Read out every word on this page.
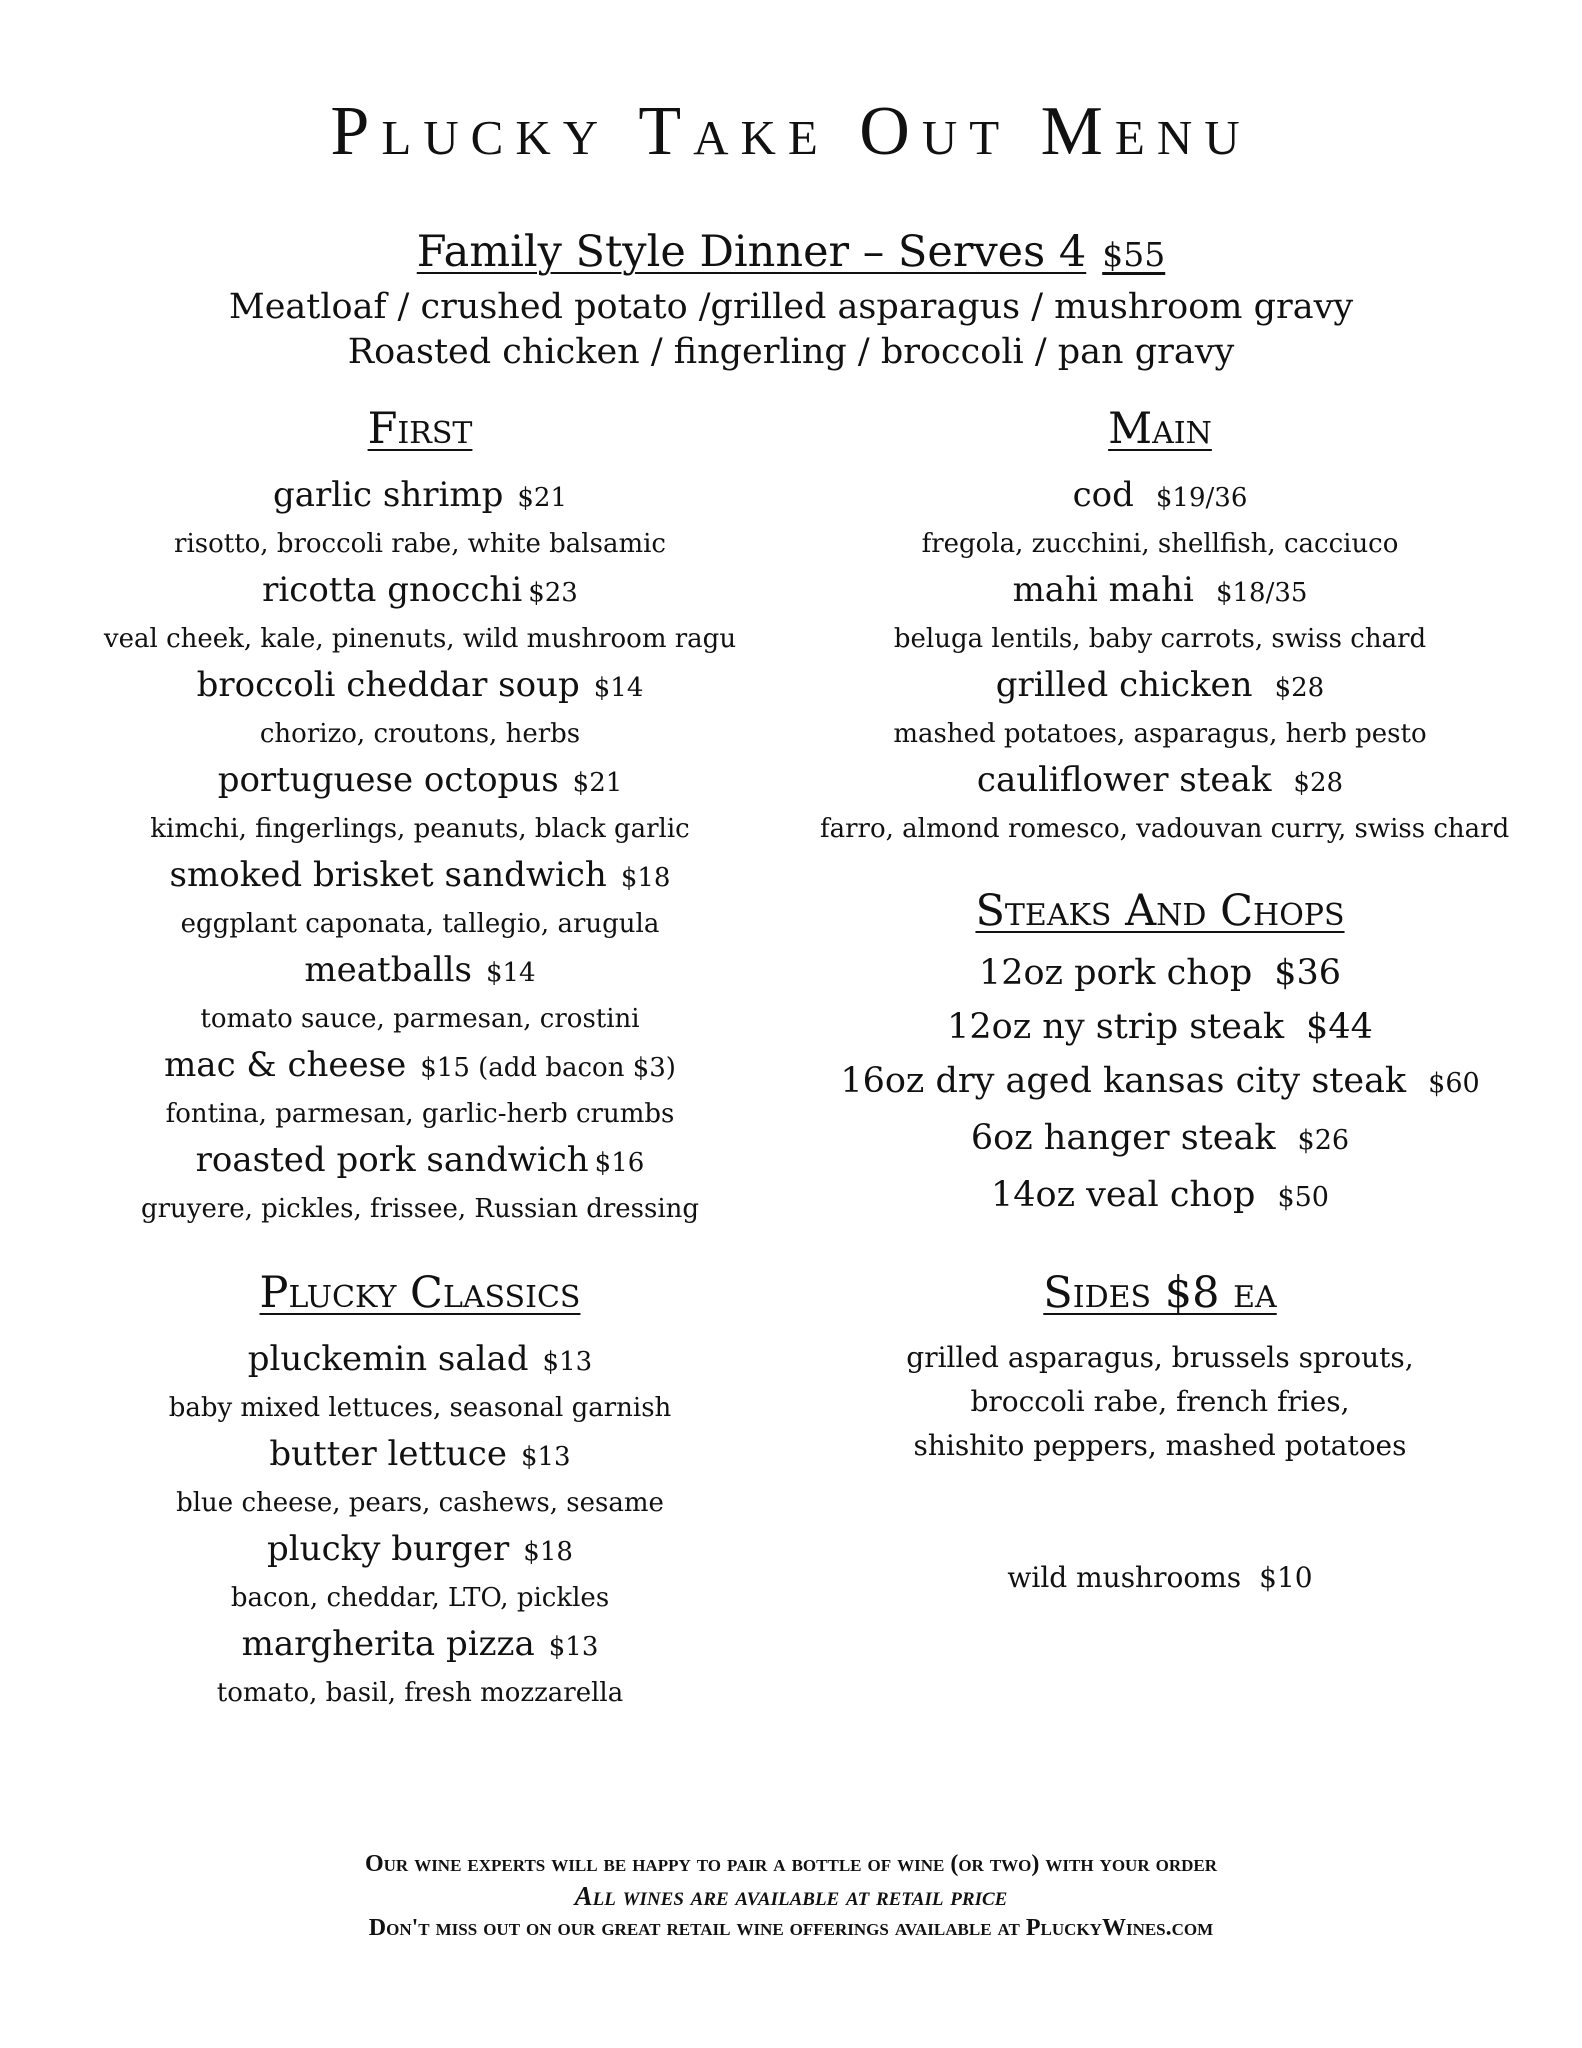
Plucky Take Out Menu
Family Style Dinner – Serves 4 $55
Meatloaf / crushed potato /grilled asparagus / mushroom gravy
Roasted chicken / fingerling / broccoli / pan gravy
First
garlic shrimp $21
risotto, broccoli rabe, white balsamic
ricotta gnocchi $23
veal cheek, kale, pinenuts, wild mushroom ragu
broccoli cheddar soup $14
chorizo, croutons, herbs
portuguese octopus $21
kimchi, fingerlings, peanuts, black garlic
smoked brisket sandwich $18
eggplant caponata, tallegio, arugula
meatballs $14
tomato sauce, parmesan, crostini
mac & cheese $15 (add bacon $3)
fontina, parmesan, garlic-herb crumbs
roasted pork sandwich $16
gruyere, pickles, frissee, Russian dressing
Plucky Classics
pluckemin salad $13
baby mixed lettuces, seasonal garnish
butter lettuce $13
blue cheese, pears, cashews, sesame
plucky burger $18
bacon, cheddar, LTO, pickles
margherita pizza $13
tomato, basil, fresh mozzarella
Main
cod $19/36
fregola, zucchini, shellfish, cacciuco
mahi mahi $18/35
beluga lentils, baby carrots, swiss chard
grilled chicken $28
mashed potatoes, asparagus, herb pesto
cauliflower steak $28
farro, almond romesco, vadouvan curry, swiss chard
Steaks And Chops
12oz pork chop $36
12oz ny strip steak $44
16oz dry aged kansas city steak $60
6oz hanger steak $26
14oz veal chop $50
Sides $8 ea
grilled asparagus, brussels sprouts,
broccoli rabe, french fries,
shishito peppers, mashed potatoes
wild mushrooms $10
Our wine experts will be happy to pair a bottle of wine (or two) with your order
All wines are available at retail price
Don't miss out on our great retail wine offerings available at PluckyWines.com
